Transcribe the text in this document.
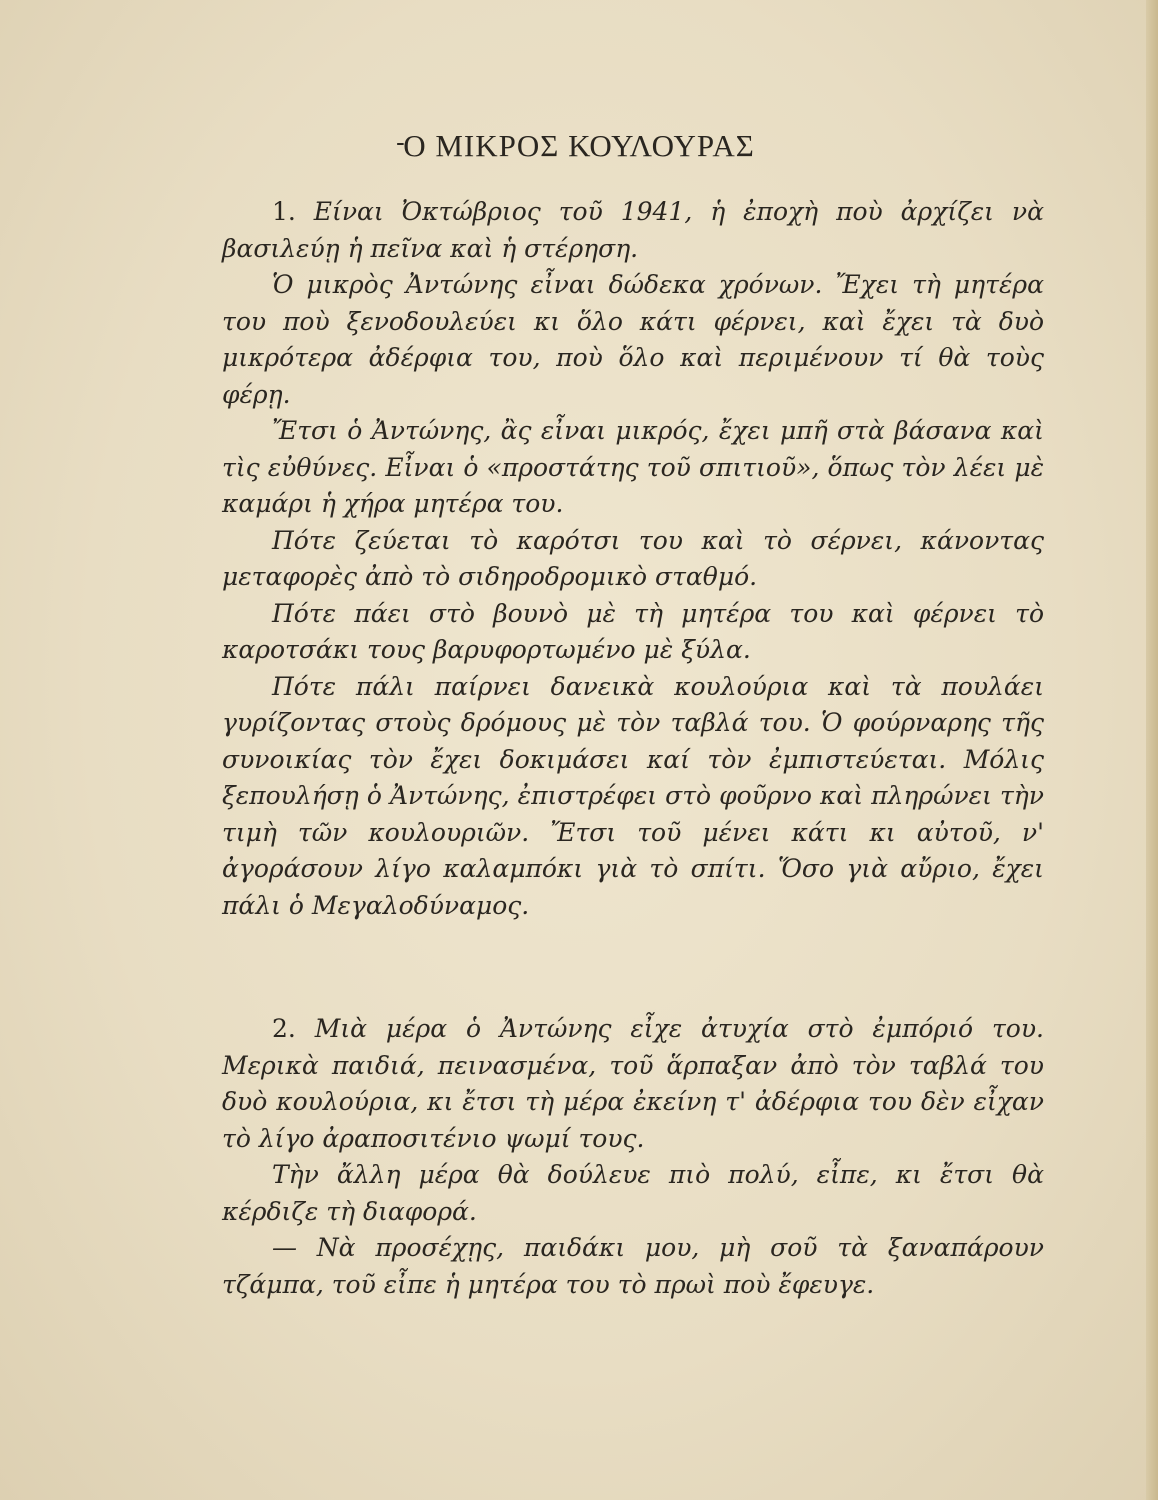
-
Ο ΜΙΚΡΟΣ ΚΟΥΛΟΥΡΑΣ

1. Είναι Ὀκτώβριος τοῦ 1941, ἡ ἐποχὴ ποὺ ἀρχίζει νὰ βασιλεύῃ ἡ πεῖνα καὶ ἡ στέρηση.

Ὁ μικρὸς Ἀντώνης εἶναι δώδεκα χρόνων. Ἔχει τὴ μητέρα του ποὺ ξενοδουλεύει κι ὅλο κάτι φέρνει, καὶ ἔχει τὰ δυὸ μικρότερα ἀδέρφια του, ποὺ ὅλο καὶ περιμένουν τί θὰ τοὺς φέρῃ.

Ἔτσι ὁ Ἀντώνης, ἂς εἶναι μικρός, ἔχει μπῆ στὰ βάσανα καὶ τὶς εὐθύνες. Εἶναι ὁ «προστάτης τοῦ σπιτιοῦ», ὅπως τὸν λέει μὲ καμάρι ἡ χήρα μητέρα του.

Πότε ζεύεται τὸ καρότσι του καὶ τὸ σέρνει, κάνοντας μεταφορὲς ἀπὸ τὸ σιδηροδρομικὸ σταθμό.

Πότε πάει στὸ βουνὸ μὲ τὴ μητέρα του καὶ φέρνει τὸ καροτσάκι τους βαρυφορτωμένο μὲ ξύλα.

Πότε πάλι παίρνει δανεικὰ κουλούρια καὶ τὰ πουλάει γυρίζοντας στοὺς δρόμους μὲ τὸν ταβλά του. Ὁ φούρναρης τῆς συνοικίας τὸν ἔχει δοκιμάσει καί τὸν ἐμπιστεύεται. Μόλις ξεπουλήσῃ ὁ Ἀντώνης, ἐπιστρέφει στὸ φοῦρνο καὶ πληρώνει τὴν τιμὴ τῶν κουλουριῶν. Ἔτσι τοῦ μένει κάτι κι αὐτοῦ, ν' ἀγοράσουν λίγο καλαμπόκι γιὰ τὸ σπίτι. Ὅσο γιὰ αὔριο, ἔχει πάλι ὁ Μεγαλοδύναμος.

2. Μιὰ μέρα ὁ Ἀντώνης εἶχε ἀτυχία στὸ ἐμπόριό του. Μερικὰ παιδιά, πεινασμένα, τοῦ ἅρπαξαν ἀπὸ τὸν ταβλά του δυὸ κουλούρια, κι ἔτσι τὴ μέρα ἐκείνη τ' ἀδέρφια του δὲν εἶχαν τὸ λίγο ἀραποσιτένιο ψωμί τους.

Τὴν ἄλλη μέρα θὰ δούλευε πιὸ πολύ, εἶπε, κι ἔτσι θὰ κέρδιζε τὴ διαφορά.

— Νὰ προσέχῃς, παιδάκι μου, μὴ σοῦ τὰ ξαναπάρουν τζάμπα, τοῦ εἶπε ἡ μητέρα του τὸ πρωὶ ποὺ ἔφευγε.
